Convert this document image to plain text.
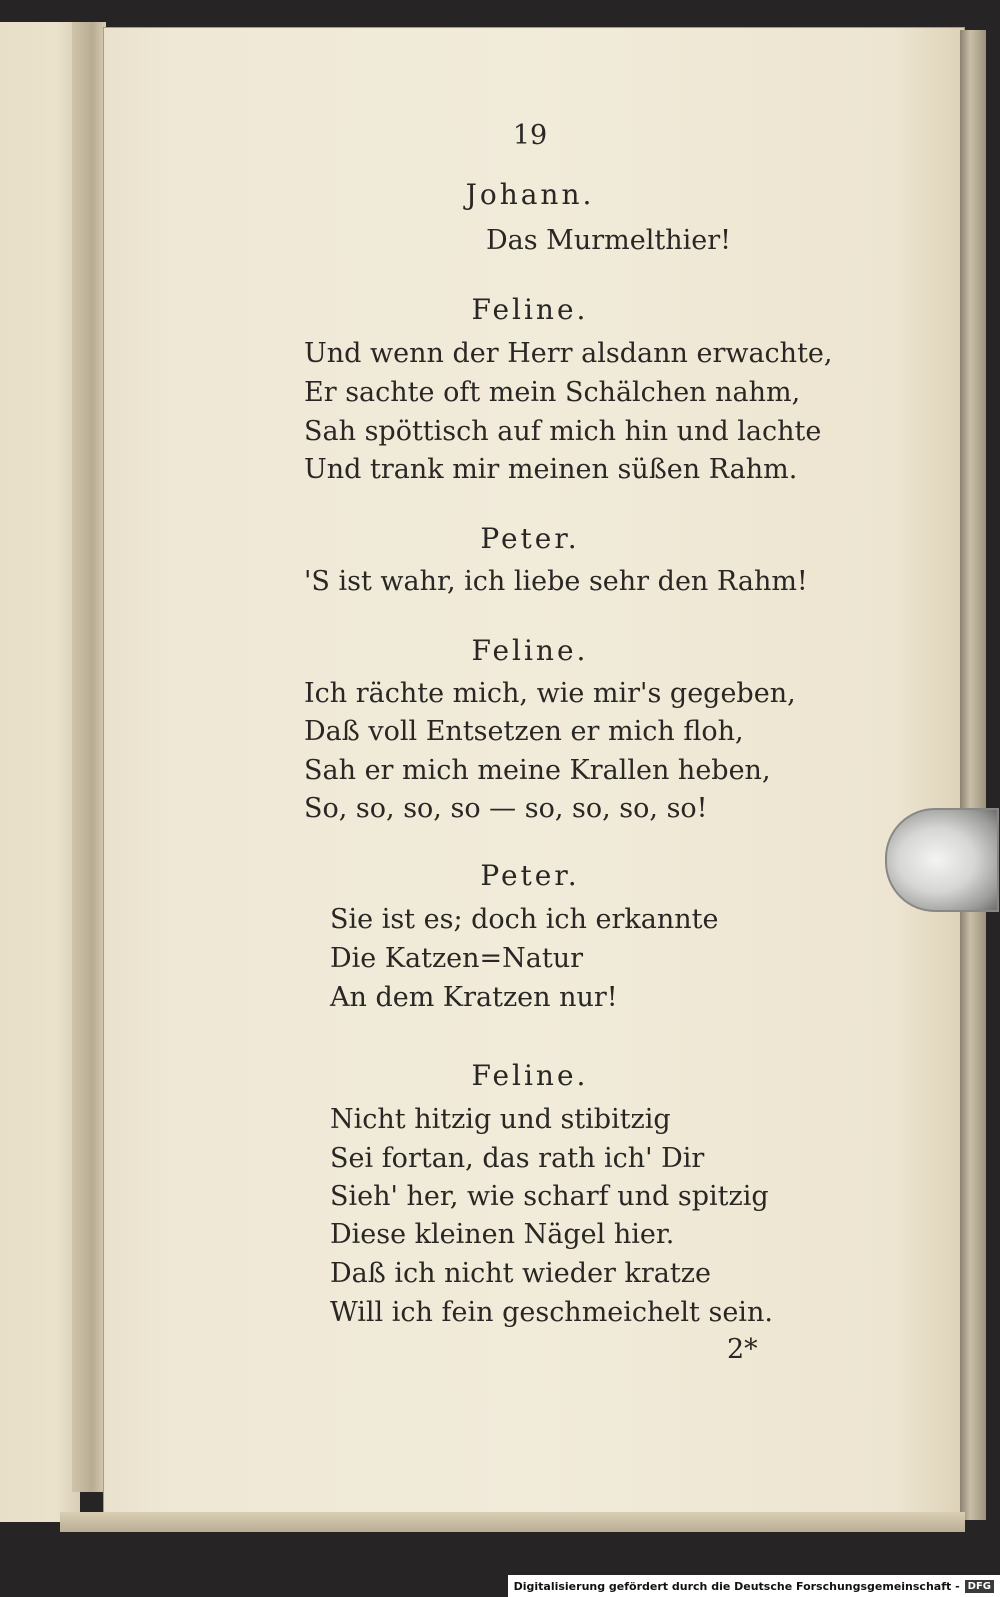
19
Johann.
Das Murmelthier!
Feline.
Und wenn der Herr alsdann erwachte,
Er sachte oft mein Schälchen nahm,
Sah spöttisch auf mich hin und lachte
Und trank mir meinen süßen Rahm.
Peter.
'S ist wahr, ich liebe sehr den Rahm!
Feline.
Ich rächte mich, wie mir's gegeben,
Daß voll Entsetzen er mich floh,
Sah er mich meine Krallen heben,
So, so, so, so — so, so, so, so!
Peter.
Sie ist es; doch ich erkannte
Die Katzen=Natur
An dem Kratzen nur!
Feline.
Nicht hitzig und stibitzig
Sei fortan, das rath ich' Dir
Sieh' her, wie scharf und spitzig
Diese kleinen Nägel hier.
Daß ich nicht wieder kratze
Will ich fein geschmeichelt sein.
2*
Digitalisierung gefördert durch die Deutsche Forschungsgemeinschaft - DFG
